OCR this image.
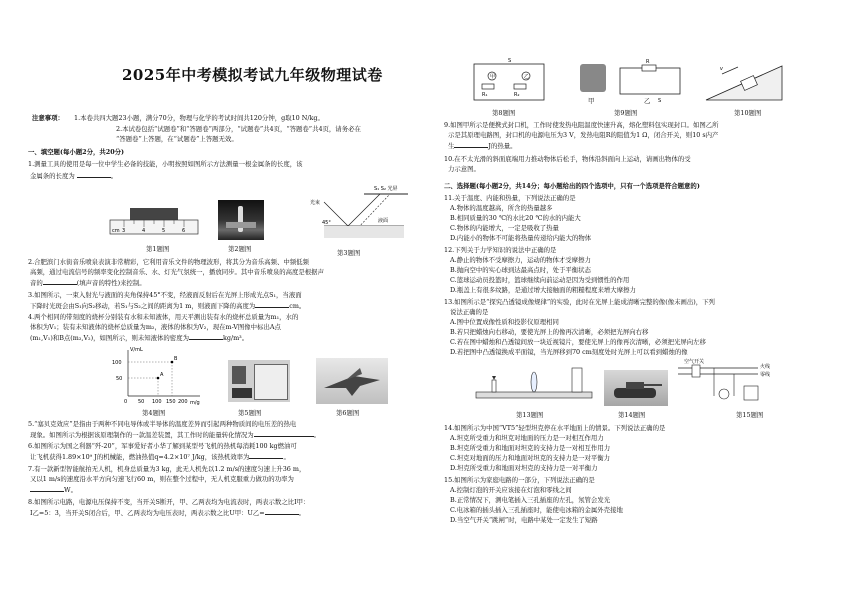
2025年中考模拟考试九年级物理试卷
注意事项： 1.本卷共四大题23小题，满分70分，物理与化学的考试时间共120分钟，g取10 N/kg。
2.本试卷包括“试题卷”和“答题卷”两部分，“试题卷”共4页，“答题卷”共4页，请务必在
“答题卷”上答题，在“试题卷”上答题无效。
一、填空题(每小题2分，共20分)
1.测量工具的使用是每一位中学生必备的技能，小明按照如图所示方法测量一根金属条的长度，该
金属条的长度为	。
cm 3	4	5	6
第1题图	第2题图
S₁ S₂ 光屏
光束
45°	液面
第3题图
2.合肥滨门水街音乐喷泉表演非常精彩，它利用音乐文件的物理波形，将其分为音乐高频、中频低频
高频，通过电流信号的频率变化控制音乐、水、灯光气氛统一，播放同步。其中音乐喷泉的高度是根据声
音的	(填声音的特性)来控制。
3.如图所示，一束入射光与液面的夹角保持45°不变，经液面反射后在光屏上形成光点S₁，当液面
下降时光斑会由S₁向S₂移动，若S₁与S₂之间的距离为1 m，则液面下降的高度为	cm。
4.两个相同的带刻度的烧杯分别装有水和未知液体，用天平测出装有水的烧杯总质量为m₁，水的
体积为V₁；装有未知液体的烧杯总质量为m₂，液体的体积为V₂，现在m-V图像中标出A点
(m₁,V₁)和B点(m₂,V₂)，如图所示，则未知液体的密度为	kg/m³。
V/mL
m/g
100
50
0 50 100 150 200
A
B
第4题图	第5题图	第6题图
5.“塞贝克效应”是指由于两种不同电导体或半导体的温度差异而引起两种物质间的电压差的热电
现象。如图所示为根据该原理制作的一款温差装置，其工作时的能量转化情况为	。
6.如图所示为国之利器“歼-20”，军事爱好者小华了解到某型号飞机的热机每消耗100 kg燃油可
让飞机获得1.89×10⁹ J的机械能，燃油热值q=4.2×10⁷ J/kg，该热机效率为	。
7.有一款新型智能航拍无人机，机身总质量为3 kg，此无人机先以1.2 m/s的速度匀速上升36 m，
又以1 m/s的速度沿水平方向匀速飞行60 m，则在整个过程中，无人机克服重力做功的功率为
W。
8.如图所示电路，电源电压保持不变，当开关S断开，甲、乙两表均为电流表时，两表示数之比I甲：
I乙=5：3，当开关S闭合后，甲、乙两表均为电压表时，两表示数之比U甲：U乙=	。
甲	乙
R₁	R₂
S
第8题图
R
S
甲	乙
第9题图
v
第10题图
9.如图甲所示是便携式封口机，工作时使发热电阻温度快速升高，熔化塑料包实现封口。如图乙所
示是其原理电路图，封口机的电源电压为3 V，发热电阻R的阻值为1 Ω，闭合开关，则10 s内产
生	J的热量。
10.在不太光滑的斜面底端用力推动物体后松手，物体沿斜面向上运动，请画出物体的受
力示意图。
二、选择题(每小题2分，共14分；每小题给出的四个选项中，只有一个选项是符合题意的)
11.关于温度、内能和热量，下列说法正确的是
A.物体的温度越高，所含的热量越多
B.相同质量的30 ℃的水比20 ℃的水的内能大
C.物体的内能增大，一定是吸收了热量
D.内能小的物体不可能将热量传递给内能大的物体
12.下列关于力学知识的说法中正确的是
A.静止的物体不受摩擦力，运动的物体才受摩擦力
B.抛向空中的实心球到达最高点时，处于平衡状态
C.篮球运动员投篮时，篮球继续向前运动是因为受到惯性的作用
D.瓶盖上有很多纹路，是通过增大接触面的粗糙程度来增大摩擦力
13.如图所示是“探究凸透镜成像规律”的实验，此时在光屏上能成清晰完整的像(像未画出)，下列
说法正确的是
A.图中位置成像性质和投影仪原理相同
B.若只把蜡烛向右移动，要使光屏上的像再次清晰，必须把光屏向右移
C.若在图中蜡烛和凸透镜间放一块近视镜片，要使光屏上的像再次清晰，必须把光屏向左移
D.若把图中凸透镜换成平面镜，当光屏移到70 cm刻度处时光屏上可以看到蜡烛的像
第13题图	第14题图
空气开关
火线
零线
第15题图
14.如图所示为中国“VT5”轻型坦克停在水平地面上的情景。下列说法正确的是
A.坦克所受重力和坦克对地面的压力是一对相互作用力
B.坦克所受重力和地面对坦克的支持力是一对相互作用力
C.坦克对地面的压力和地面对坦克的支持力是一对平衡力
D.坦克所受重力和地面对坦克的支持力是一对平衡力
15.如图所示为家庭电路的一部分，下列说法正确的是
A.控制灯泡的开关应该接在灯泡和零线之间
B.正常情况下，测电笔插入三孔插座的左孔，氖管会发光
C.电冰箱的插头插入三孔插座时，能使电冰箱的金属外壳接地
D.当空气开关“跳闸”时，电路中某处一定发生了短路
